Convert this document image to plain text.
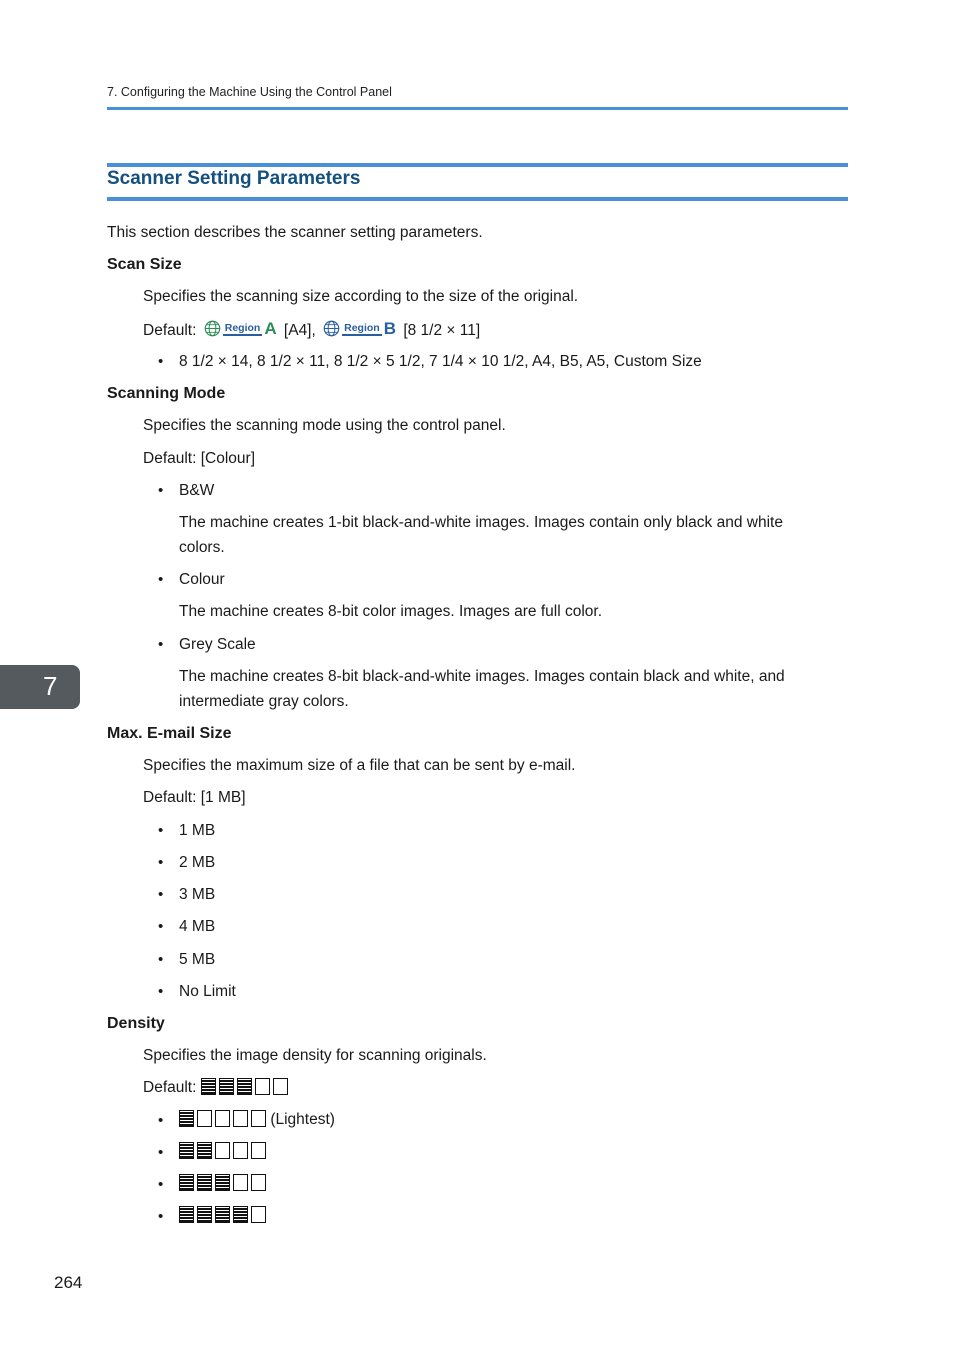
7. Configuring the Machine Using the Control Panel
Scanner Setting Parameters
This section describes the scanner setting parameters.
Scan Size
Specifies the scanning size according to the size of the original.
Default:	Region A [A4],	Region B [8 1/2 × 11]
• 8 1/2 × 14, 8 1/2 × 11, 8 1/2 × 5 1/2, 7 1/4 × 10 1/2, A4, B5, A5, Custom Size
Scanning Mode
Specifies the scanning mode using the control panel.
Default: [Colour]
• B&W
The machine creates 1-bit black-and-white images. Images contain only black and white
colors.
• Colour
The machine creates 8-bit color images. Images are full color.
• Grey Scale
The machine creates 8-bit black-and-white images. Images contain black and white, and
intermediate gray colors.
Max. E-mail Size
Specifies the maximum size of a file that can be sent by e-mail.
Default: [1 MB]
• 1 MB
• 2 MB
• 3 MB
• 4 MB
• 5 MB
• No Limit
Density
Specifies the image density for scanning originals.
Default:
•	(Lightest)
•
•
•
7
264
